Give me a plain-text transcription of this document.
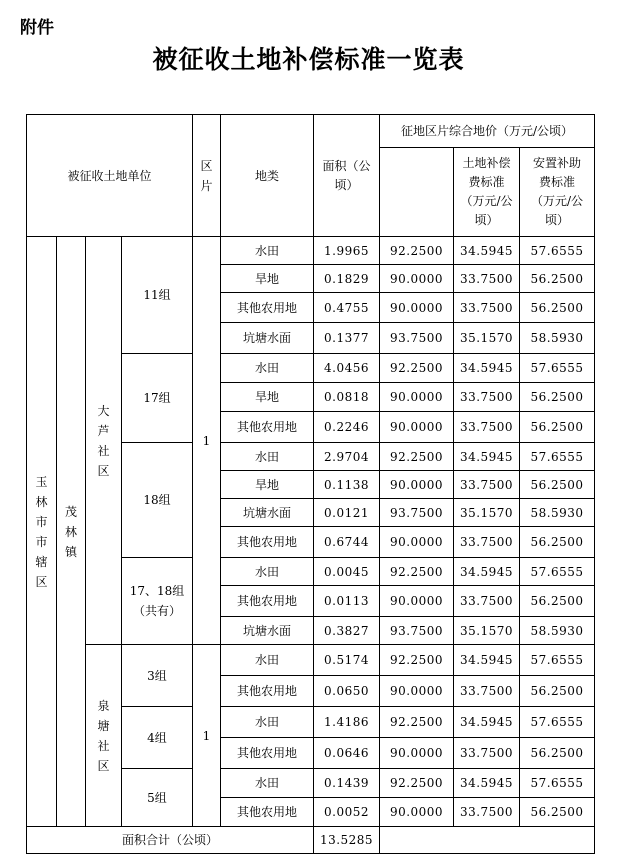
附件
被征收土地补偿标准一览表
被征收土地单位				区片	地类	面积（公顷）	征地区片综合地价（万元/公顷）		

								土地补偿费标准（万元/公顷）	安置补助费标准（万元/公顷）

玉林市市辖区	茂林镇	大芦社区	11组	1	水田	1.9965	92.2500	34.5945	57.6555
					旱地	0.1829	90.0000	33.7500	56.2500
					其他农用地	0.4755	90.0000	33.7500	56.2500
					坑塘水面	0.1377	93.7500	35.1570	58.5930
			17组		水田	4.0456	92.2500	34.5945	57.6555
					旱地	0.0818	90.0000	33.7500	56.2500
					其他农用地	0.2246	90.0000	33.7500	56.2500
			18组		水田	2.9704	92.2500	34.5945	57.6555
					旱地	0.1138	90.0000	33.7500	56.2500
					坑塘水面	0.0121	93.7500	35.1570	58.5930
					其他农用地	0.6744	90.0000	33.7500	56.2500
			17、18组
（共有）		水田	0.0045	92.2500	34.5945	57.6555
					其他农用地	0.0113	90.0000	33.7500	56.2500
					坑塘水面	0.3827	93.7500	35.1570	58.5930
		泉塘社区	3组	1	水田	0.5174	92.2500	34.5945	57.6555
					其他农用地	0.0650	90.0000	33.7500	56.2500
			4组		水田	1.4186	92.2500	34.5945	57.6555
					其他农用地	0.0646	90.0000	33.7500	56.2500
			5组		水田	0.1439	92.2500	34.5945	57.6555
					其他农用地	0.0052	90.0000	33.7500	56.2500
面积合计（公顷）						13.5285			
